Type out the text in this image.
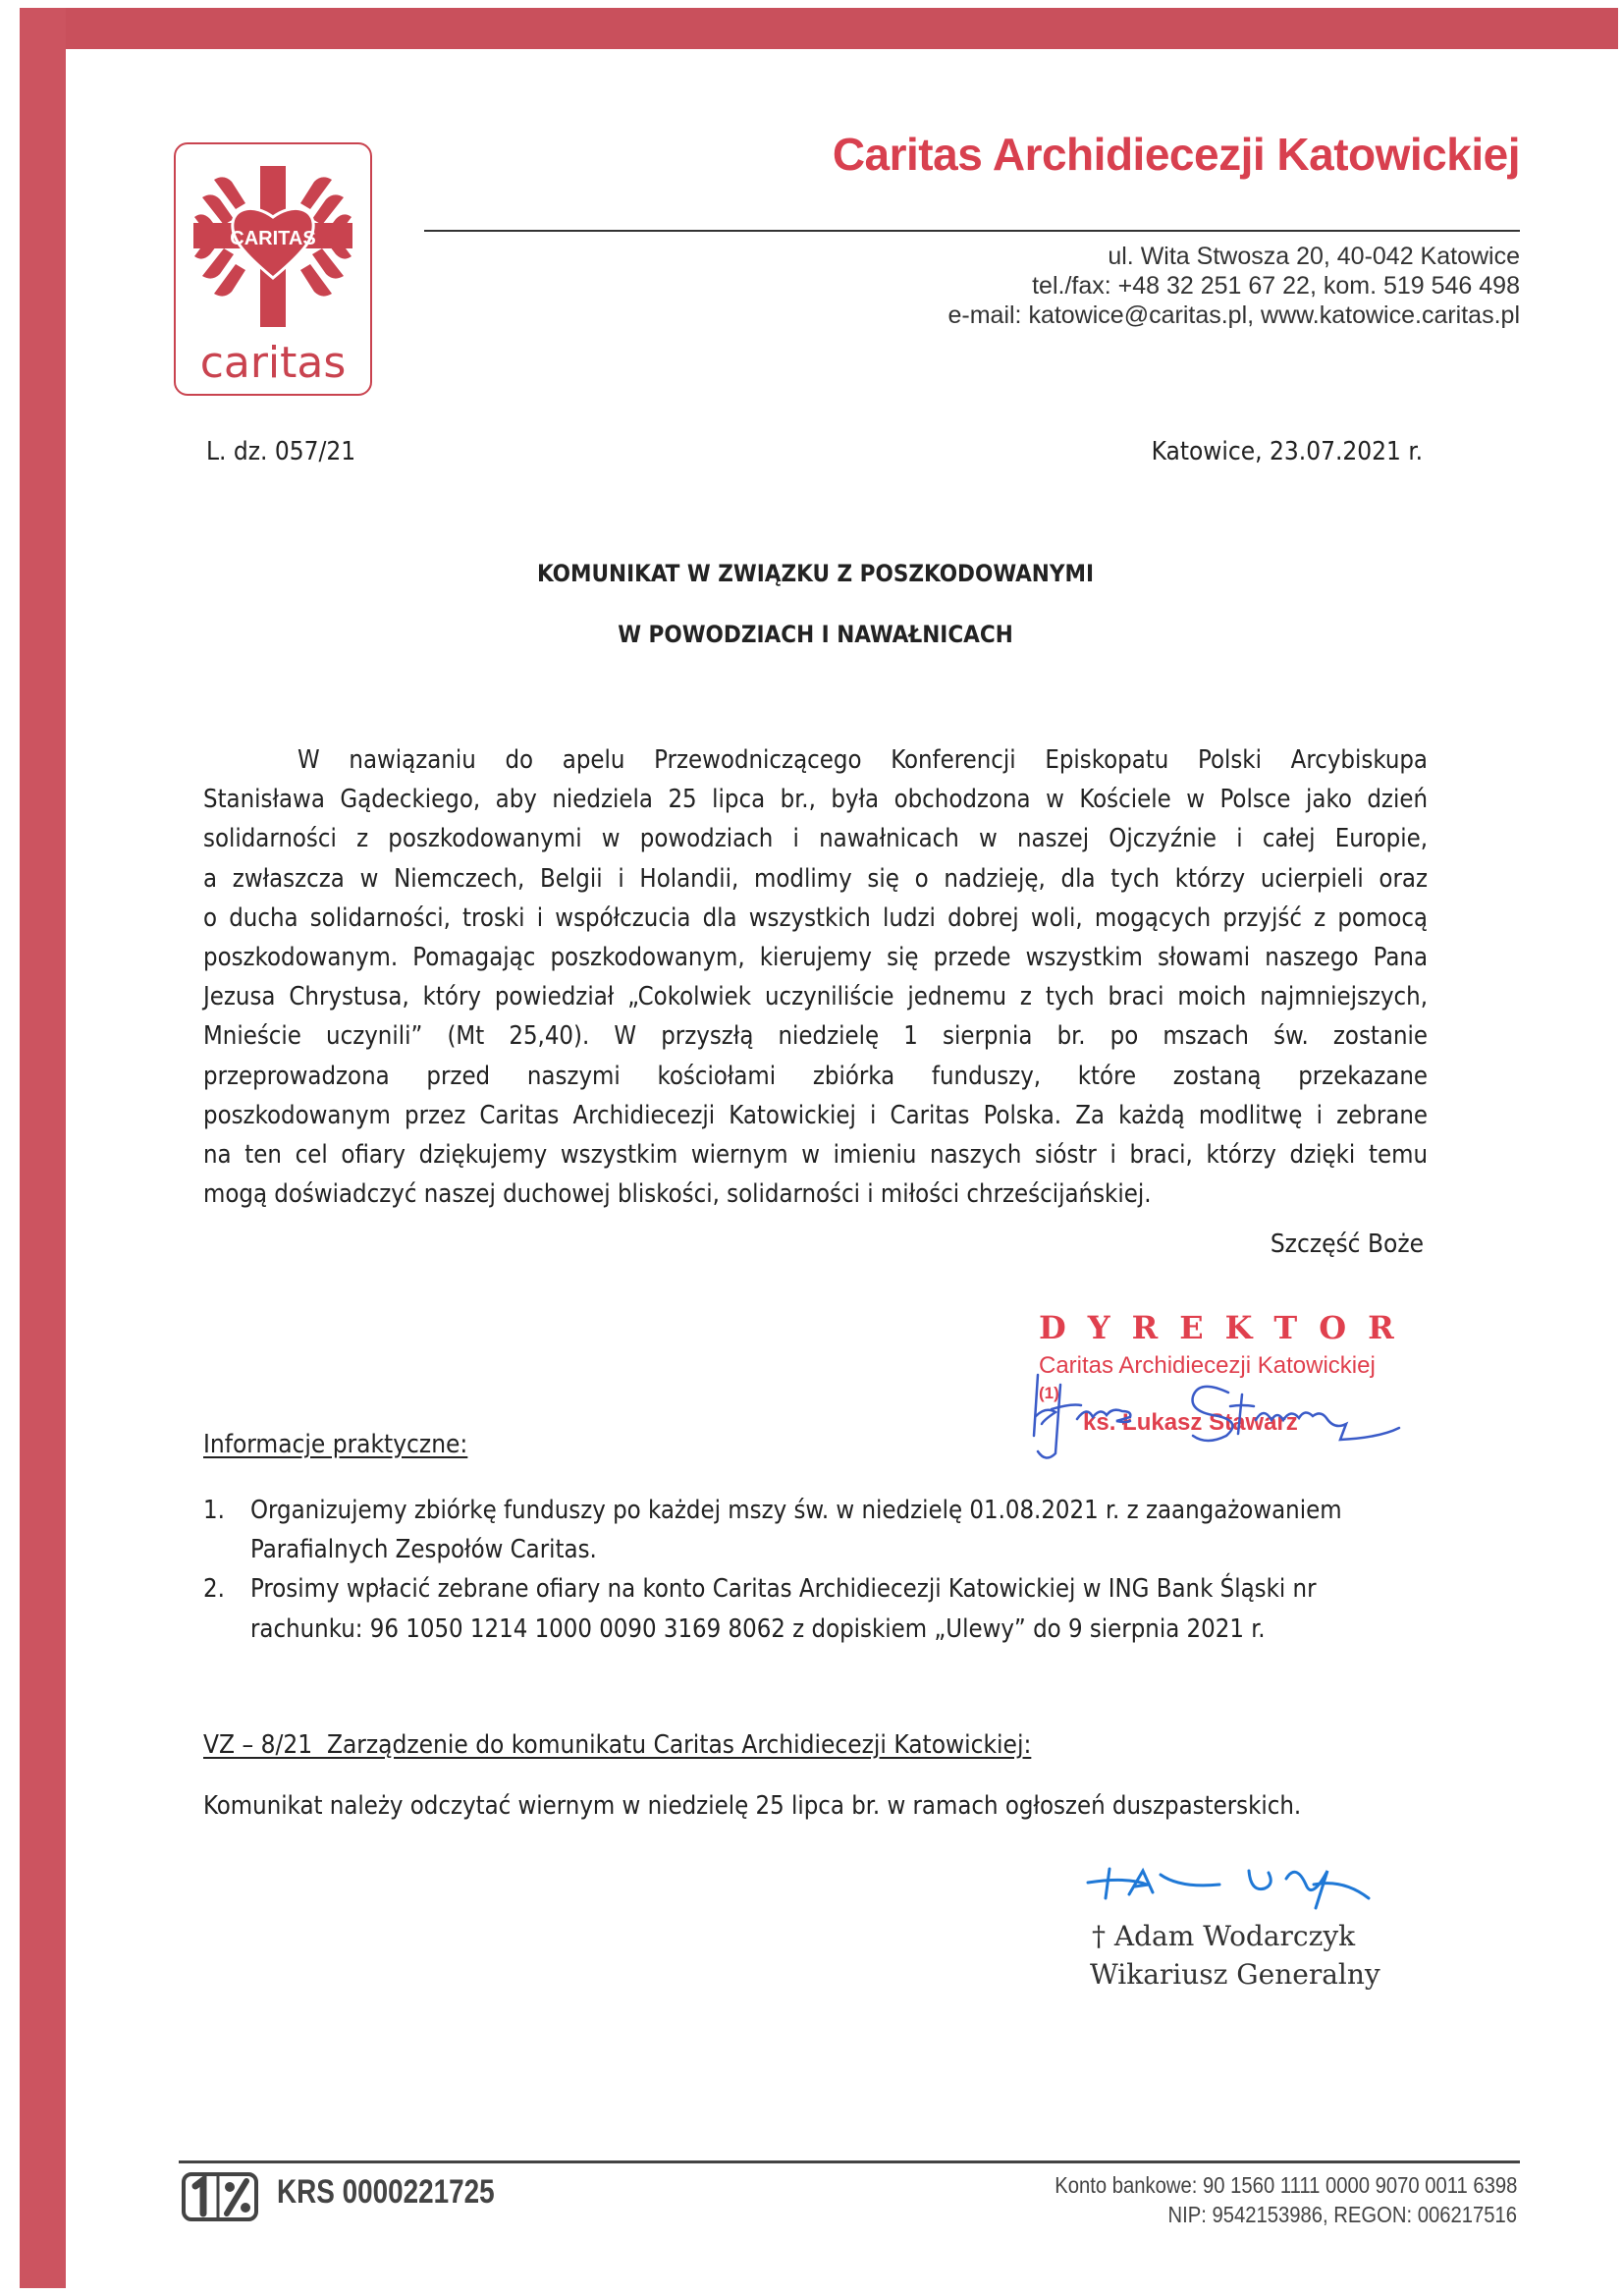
CARITAS
caritas
Caritas Archidiecezji Katowickiej
ul. Wita Stwosza 20, 40-042 Katowice
tel./fax: +48 32 251 67 22, kom. 519 546 498
e-mail: katowice@caritas.pl, www.katowice.caritas.pl
L. dz. 057/21	Katowice, 23.07.2021 r.
KOMUNIKAT W ZWIĄZKU Z POSZKODOWANYMI
W POWODZIACH I NAWAŁNICACH
W nawiązaniu do apelu Przewodniczącego Konferencji Episkopatu Polski Arcybiskupa
Stanisława Gądeckiego, aby niedziela 25 lipca br., była obchodzona w Kościele w Polsce jako dzień
solidarności z poszkodowanymi w powodziach i nawałnicach w naszej Ojczyźnie i całej Europie,
a zwłaszcza w Niemczech, Belgii i Holandii, modlimy się o nadzieję, dla tych którzy ucierpieli oraz
o ducha solidarności, troski i współczucia dla wszystkich ludzi dobrej woli, mogących przyjść z pomocą
poszkodowanym. Pomagając poszkodowanym, kierujemy się przede wszystkim słowami naszego Pana
Jezusa Chrystusa, który powiedział „Cokolwiek uczyniliście jednemu z tych braci moich najmniejszych,
Mnieście uczynili” (Mt 25,40). W przyszłą niedzielę 1 sierpnia br. po mszach św. zostanie
przeprowadzona przed naszymi kościołami zbiórka funduszy, które zostaną przekazane
poszkodowanym przez Caritas Archidiecezji Katowickiej i Caritas Polska. Za każdą modlitwę i zebrane
na ten cel ofiary dziękujemy wszystkim wiernym w imieniu naszych sióstr i braci, którzy dzięki temu
mogą doświadczyć naszej duchowej bliskości, solidarności i miłości chrześcijańskiej.
Szczęść Boże
DYREKTOR
Caritas Archidiecezji Katowickiej
(1)
ks. Łukasz Stawarz
Informacje praktyczne:
1. Organizujemy zbiórkę funduszy po każdej mszy św. w niedzielę 01.08.2021 r. z zaangażowaniem
Parafialnych Zespołów Caritas.
2. Prosimy wpłacić zebrane ofiary na konto Caritas Archidiecezji Katowickiej w ING Bank Śląski nr
rachunku: 96 1050 1214 1000 0090 3169 8062 z dopiskiem „Ulewy” do 9 sierpnia 2021 r.
VZ – 8/21  Zarządzenie do komunikatu Caritas Archidiecezji Katowickiej:
Komunikat należy odczytać wiernym w niedzielę 25 lipca br. w ramach ogłoszeń duszpasterskich.
† Adam Wodarczyk
Wikariusz Generalny
KRS 0000221725	Konto bankowe: 90 1560 1111 0000 9070 0011 6398
NIP: 9542153986, REGON: 006217516
